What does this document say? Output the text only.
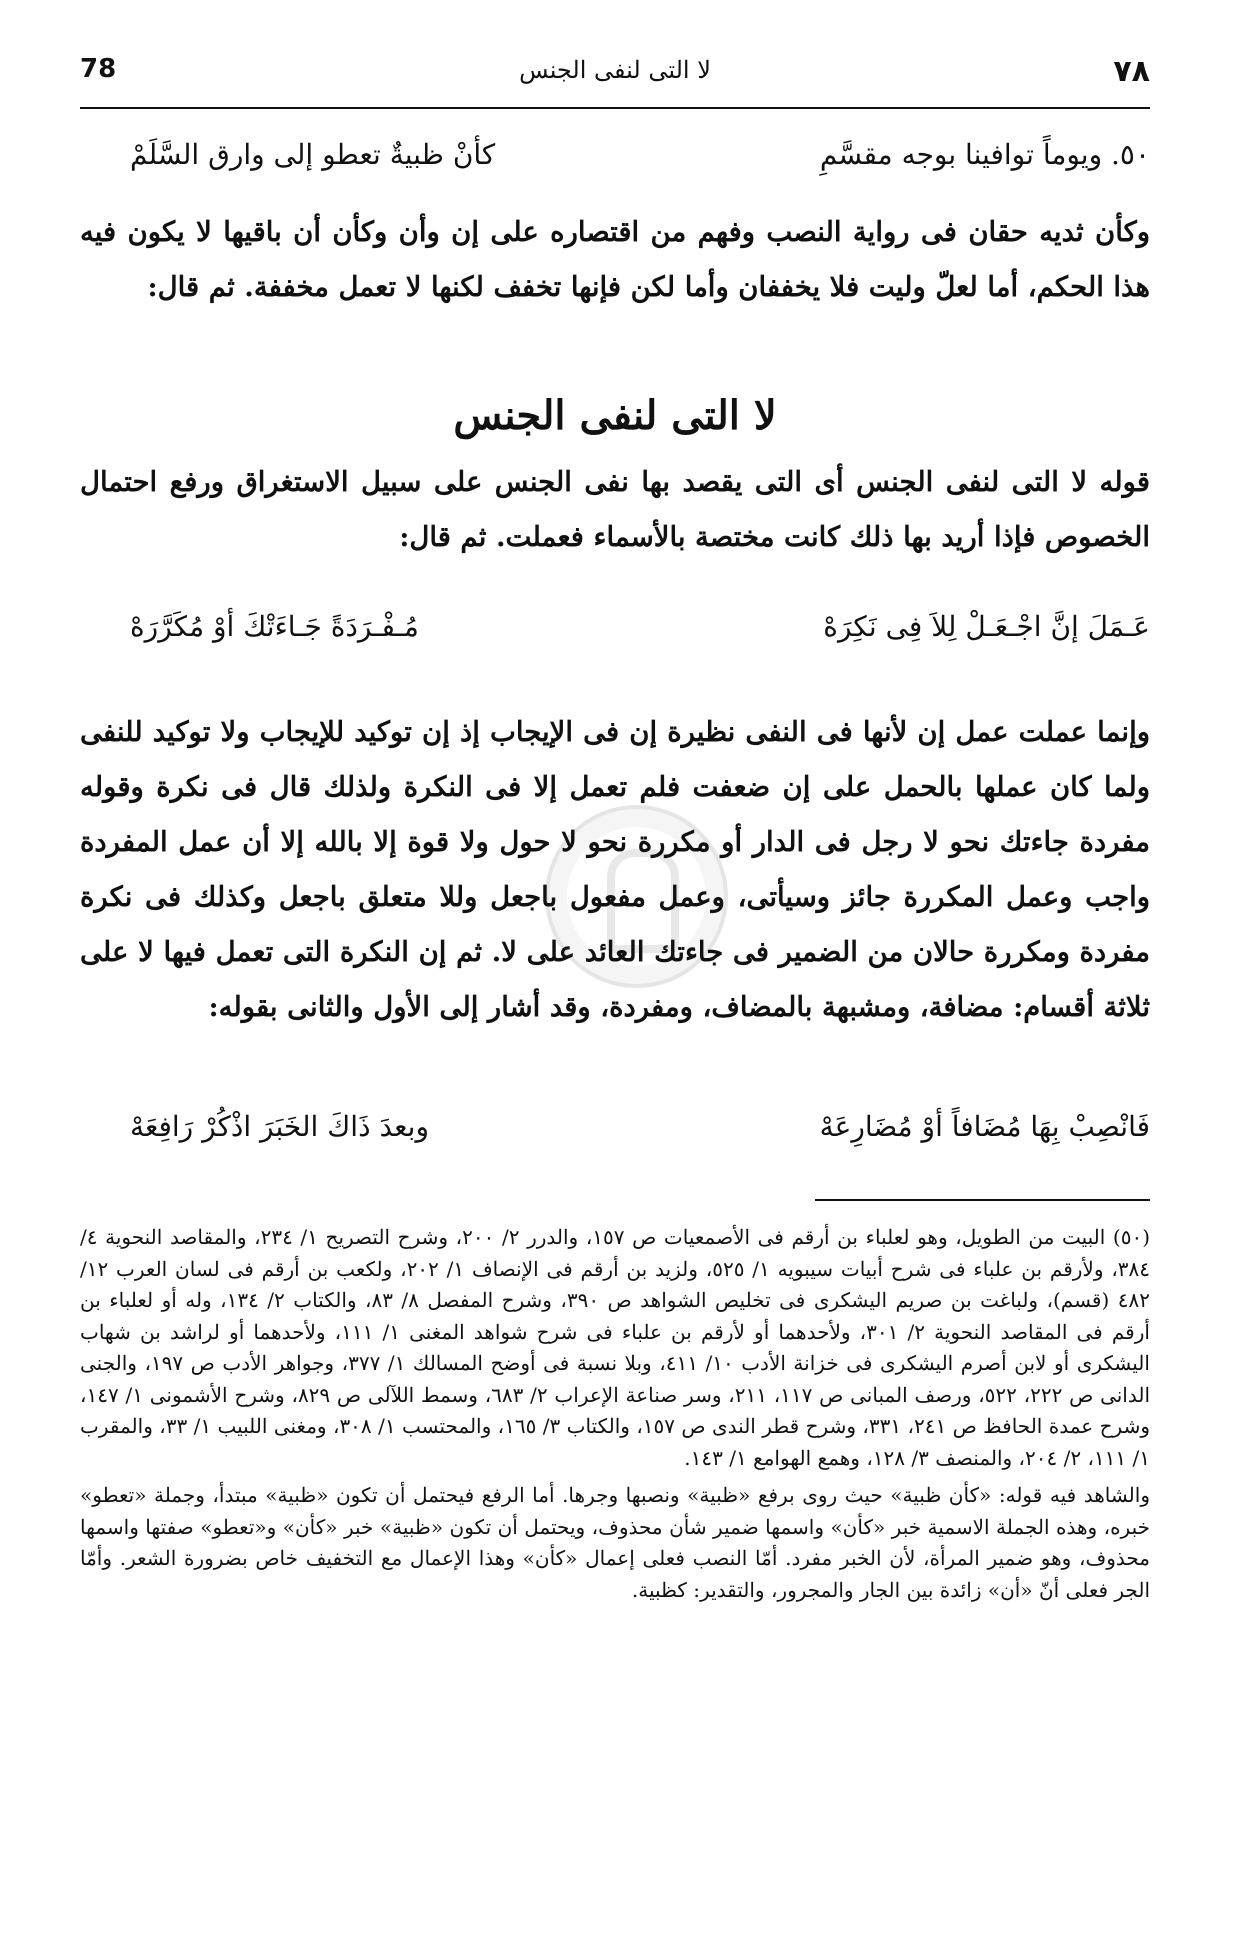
78	لا التى لنفى الجنس	٧٨
٥٠. ويوماً توافينا بوجه مقسَّمِ
كأنْ ظبيةٌ تعطو إلى وارق السَّلَمْ

وكأن ثديه حقان فى رواية النصب وفهم من اقتصاره على إن وأن وكأن أن باقيها لا يكون فيه هذا الحكم، أما لعلّ وليت فلا يخففان وأما لكن فإنها تخفف لكنها لا تعمل مخففة. ثم قال:

لا التى لنفى الجنس

قوله لا التى لنفى الجنس أى التى يقصد بها نفى الجنس على سبيل الاستغراق ورفع احتمال الخصوص فإذا أريد بها ذلك كانت مختصة بالأسماء فعملت. ثم قال:

عَـمَلَ إنَّ اجْـعَـلْ لِلاَ فِى نَكِرَهْ
مُـفْـرَدَةً جَـاءَتْكَ أوْ مُكَرَّرَهْ

وإنما عملت عمل إن لأنها فى النفى نظيرة إن فى الإيجاب إذ إن توكيد للإيجاب ولا توكيد للنفى ولما كان عملها بالحمل على إن ضعفت فلم تعمل إلا فى النكرة ولذلك قال فى نكرة وقوله مفردة جاءتك نحو لا رجل فى الدار أو مكررة نحو لا حول ولا قوة إلا بالله إلا أن عمل المفردة واجب وعمل المكررة جائز وسيأتى، وعمل مفعول باجعل وللا متعلق باجعل وكذلك فى نكرة مفردة ومكررة حالان من الضمير فى جاءتك العائد على لا. ثم إن النكرة التى تعمل فيها لا على ثلاثة أقسام: مضافة، ومشبهة بالمضاف، ومفردة، وقد أشار إلى الأول والثانى بقوله:

فَانْصِبْ بِهَا مُضَافاً أوْ مُضَارِعَهْ
وبعدَ ذَاكَ الخَبَرَ اذْكُرْ رَافِعَهْ

(٥٠) البيت من الطويل، وهو لعلباء بن أرقم فى الأصمعيات ص ١٥٧، والدرر ٢/ ٢٠٠، وشرح التصريح ١/ ٢٣٤، والمقاصد النحوية ٤/ ٣٨٤، ولأرقم بن علباء فى شرح أبيات سيبويه ١/ ٥٢٥، ولزيد بن أرقم فى الإنصاف ١/ ٢٠٢، ولكعب بن أرقم فى لسان العرب ١٢/ ٤٨٢ (قسم)، ولباغت بن صريم اليشكرى فى تخليص الشواهد ص ٣٩٠، وشرح المفصل ٨/ ٨٣، والكتاب ٢/ ١٣٤، وله أو لعلباء بن أرقم فى المقاصد النحوية ٢/ ٣٠١، ولأحدهما أو لأرقم بن علباء فى شرح شواهد المغنى ١/ ١١١، ولأحدهما أو لراشد بن شهاب اليشكرى أو لابن أصرم اليشكرى فى خزانة الأدب ١٠/ ٤١١، وبلا نسبة فى أوضح المسالك ١/ ٣٧٧، وجواهر الأدب ص ١٩٧، والجنى الدانى ص ٢٢٢، ٥٢٢، ورصف المبانى ص ١١٧، ٢١١، وسر صناعة الإعراب ٢/ ٦٨٣، وسمط اللآلى ص ٨٢٩، وشرح الأشمونى ١/ ١٤٧، وشرح عمدة الحافظ ص ٢٤١، ٣٣١، وشرح قطر الندى ص ١٥٧، والكتاب ٣/ ١٦٥، والمحتسب ١/ ٣٠٨، ومغنى اللبيب ١/ ٣٣، والمقرب ١/ ١١١، ٢/ ٢٠٤، والمنصف ٣/ ١٢٨، وهمع الهوامع ١/ ١٤٣.

والشاهد فيه قوله: «كأن ظبية» حيث روى برفع «ظبية» ونصبها وجرها. أما الرفع فيحتمل أن تكون «ظبية» مبتدأ، وجملة «تعطو» خبره، وهذه الجملة الاسمية خبر «كأن» واسمها ضمير شأن محذوف، ويحتمل أن تكون «ظبية» خبر «كأن» و«تعطو» صفتها واسمها محذوف، وهو ضمير المرأة، لأن الخبر مفرد. أمّا النصب فعلى إعمال «كأن» وهذا الإعمال مع التخفيف خاص بضرورة الشعر. وأمّا الجر فعلى أنّ «أن» زائدة بين الجار والمجرور، والتقدير: كظبية.
